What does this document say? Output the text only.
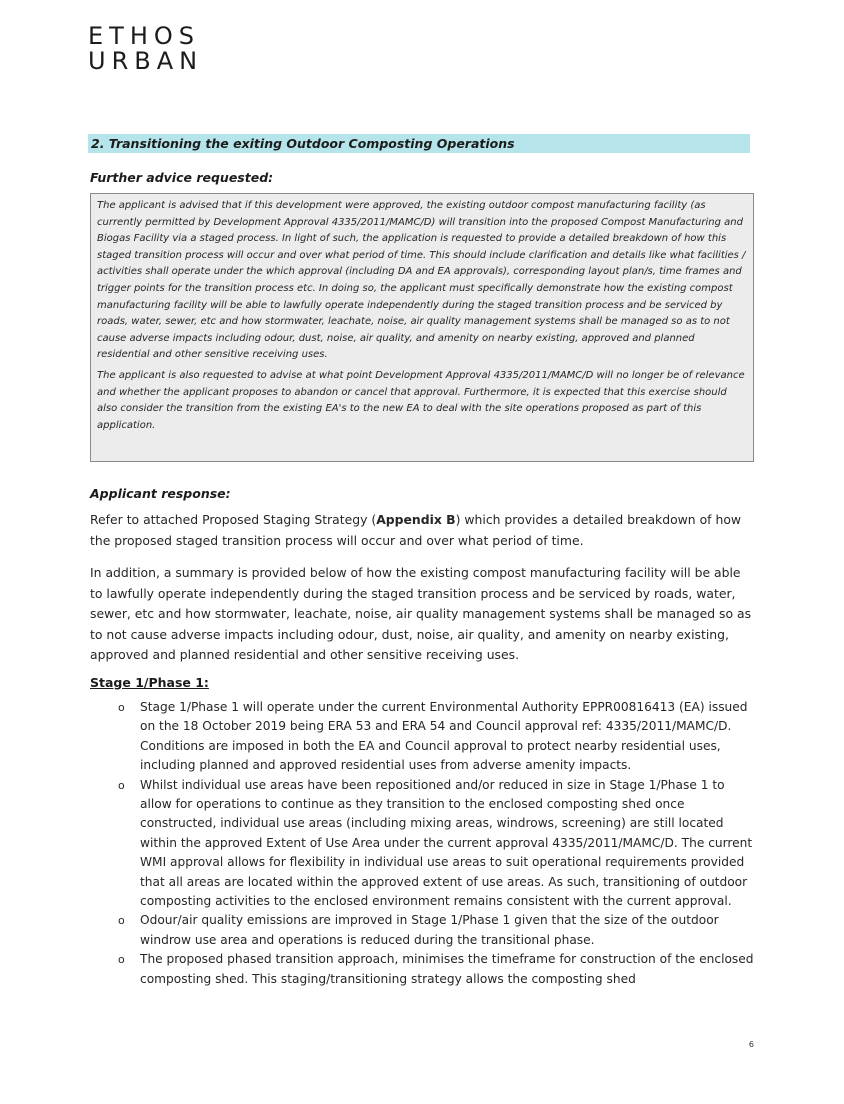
ETHOS
URBAN
2. Transitioning the exiting Outdoor Composting Operations
Further advice requested:

The applicant is advised that if this development were approved, the existing outdoor compost manufacturing facility (as currently permitted by Development Approval 4335/2011/MAMC/D) will transition into the proposed Compost Manufacturing and Biogas Facility via a staged process. In light of such, the application is requested to provide a detailed breakdown of how this staged transition process will occur and over what period of time. This should include clarification and details like what facilities / activities shall operate under the which approval (including DA and EA approvals), corresponding layout plan/s, time frames and trigger points for the transition process etc. In doing so, the applicant must specifically demonstrate how the existing compost manufacturing facility will be able to lawfully operate independently during the staged transition process and be serviced by roads, water, sewer, etc and how stormwater, leachate, noise, air quality management systems shall be managed so as to not cause adverse impacts including odour, dust, noise, air quality, and amenity on nearby existing, approved and planned residential and other sensitive receiving uses.

The applicant is also requested to advise at what point Development Approval 4335/2011/MAMC/D will no longer be of relevance and whether the applicant proposes to abandon or cancel that approval. Furthermore, it is expected that this exercise should also consider the transition from the existing EA's to the new EA to deal with the site operations proposed as part of this application.

Applicant response:

Refer to attached Proposed Staging Strategy (Appendix B) which provides a detailed breakdown of how the proposed staged transition process will occur and over what period of time.

In addition, a summary is provided below of how the existing compost manufacturing facility will be able to lawfully operate independently during the staged transition process and be serviced by roads, water, sewer, etc and how stormwater, leachate, noise, air quality management systems shall be managed so as to not cause adverse impacts including odour, dust, noise, air quality, and amenity on nearby existing, approved and planned residential and other sensitive receiving uses.

Stage 1/Phase 1:
o Stage 1/Phase 1 will operate under the current Environmental Authority EPPR00816413 (EA) issued on the 18 October 2019 being ERA 53 and ERA 54 and Council approval ref: 4335/2011/MAMC/D. Conditions are imposed in both the EA and Council approval to protect nearby residential uses, including planned and approved residential uses from adverse amenity impacts.
o Whilst individual use areas have been repositioned and/or reduced in size in Stage 1/Phase 1 to allow for operations to continue as they transition to the enclosed composting shed once constructed, individual use areas (including mixing areas, windrows, screening) are still located within the approved Extent of Use Area under the current approval 4335/2011/MAMC/D. The current WMI approval allows for flexibility in individual use areas to suit operational requirements provided that all areas are located within the approved extent of use areas. As such, transitioning of outdoor composting activities to the enclosed environment remains consistent with the current approval.
o Odour/air quality emissions are improved in Stage 1/Phase 1 given that the size of the outdoor windrow use area and operations is reduced during the transitional phase.
o The proposed phased transition approach, minimises the timeframe for construction of the enclosed composting shed. This staging/transitioning strategy allows the composting shed
6
